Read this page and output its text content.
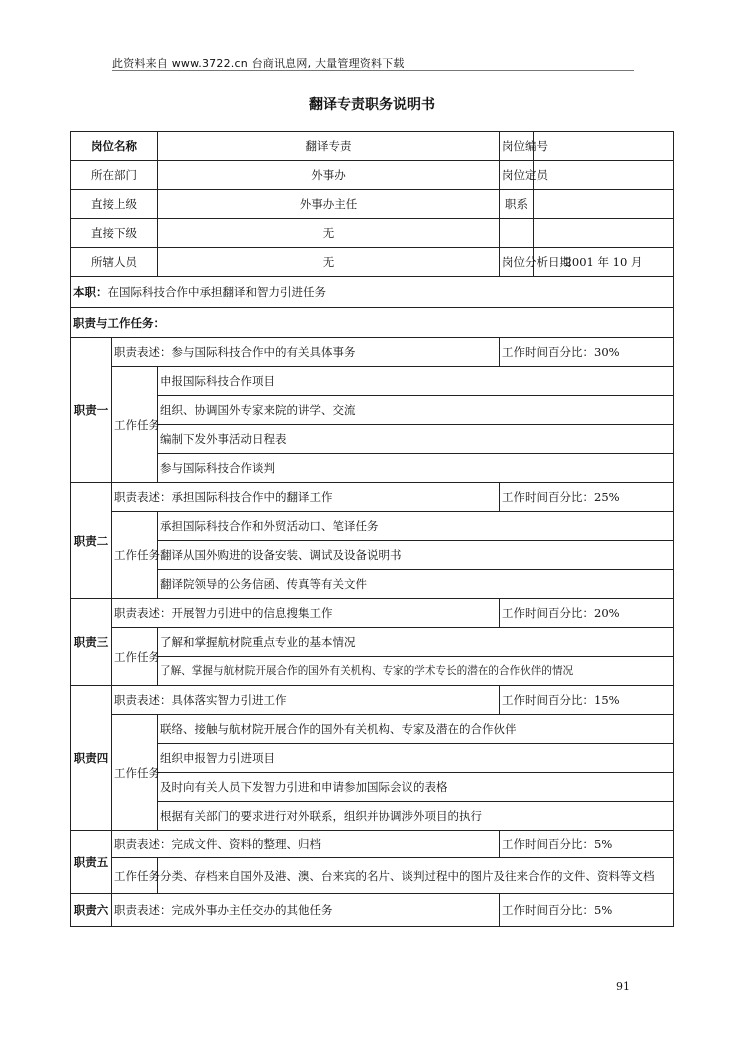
此资料来自 www.3722.cn 台商讯息网, 大量管理资料下载
翻译专责职务说明书
岗位名称		翻译专责	岗位编号	
所在部门		外事办	岗位定员	
直接上级		外事办主任	职系	
直接下级		无		
所辖人员		无	岗位分析日期	2001 年 10 月
本职：在国际科技合作中承担翻译和智力引进任务				
职责与工作任务：				
职责一	职责表述：参与国际科技合作中的有关具体事务		工作时间百分比：30%	
	工作任务	申报国际科技合作项目		
		组织、协调国外专家来院的讲学、交流		
		编制下发外事活动日程表		
		参与国际科技合作谈判		
职责二	职责表述：承担国际科技合作中的翻译工作		工作时间百分比：25%	
	工作任务	承担国际科技合作和外贸活动口、笔译任务		
		翻译从国外购进的设备安装、调试及设备说明书		
		翻译院领导的公务信函、传真等有关文件		
职责三	职责表述：开展智力引进中的信息搜集工作		工作时间百分比：20%	
	工作任务	了解和掌握航材院重点专业的基本情况		
		了解、掌握与航材院开展合作的国外有关机构、专家的学术专长的潜在的合作伙伴的情况		
职责四	职责表述：具体落实智力引进工作		工作时间百分比：15%	
	工作任务	联络、接触与航材院开展合作的国外有关机构、专家及潜在的合作伙伴		
		组织申报智力引进项目		
		及时向有关人员下发智力引进和申请参加国际会议的表格		
		根据有关部门的要求进行对外联系，组织并协调涉外项目的执行		
职责五	职责表述：完成文件、资料的整理、归档		工作时间百分比：5%	
	工作任务	分类、存档来自国外及港、澳、台来宾的名片、谈判过程中的图片及往来合作的文件、资料等文档		
职责六	职责表述：完成外事办主任交办的其他任务		工作时间百分比：5%	
91
